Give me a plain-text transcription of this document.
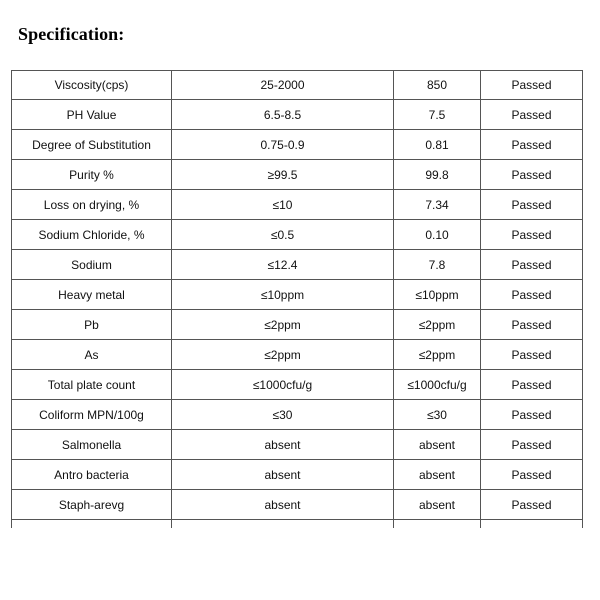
Specification:
Viscosity(cps)	25-2000	850	Passed
PH Value	6.5-8.5	7.5	Passed
Degree of Substitution	0.75-0.9	0.81	Passed
Purity %	≥99.5	99.8	Passed
Loss on drying, %	≤10	7.34	Passed
Sodium Chloride, %	≤0.5	0.10	Passed
Sodium	≤12.4	7.8	Passed
Heavy metal	≤10ppm	≤10ppm	Passed
Pb	≤2ppm	≤2ppm	Passed
As	≤2ppm	≤2ppm	Passed
Total plate count	≤1000cfu/g	≤1000cfu/g	Passed
Coliform MPN/100g	≤30	≤30	Passed
Salmonella	absent	absent	Passed
Antro bacteria	absent	absent	Passed
Staph-arevg	absent	absent	Passed
